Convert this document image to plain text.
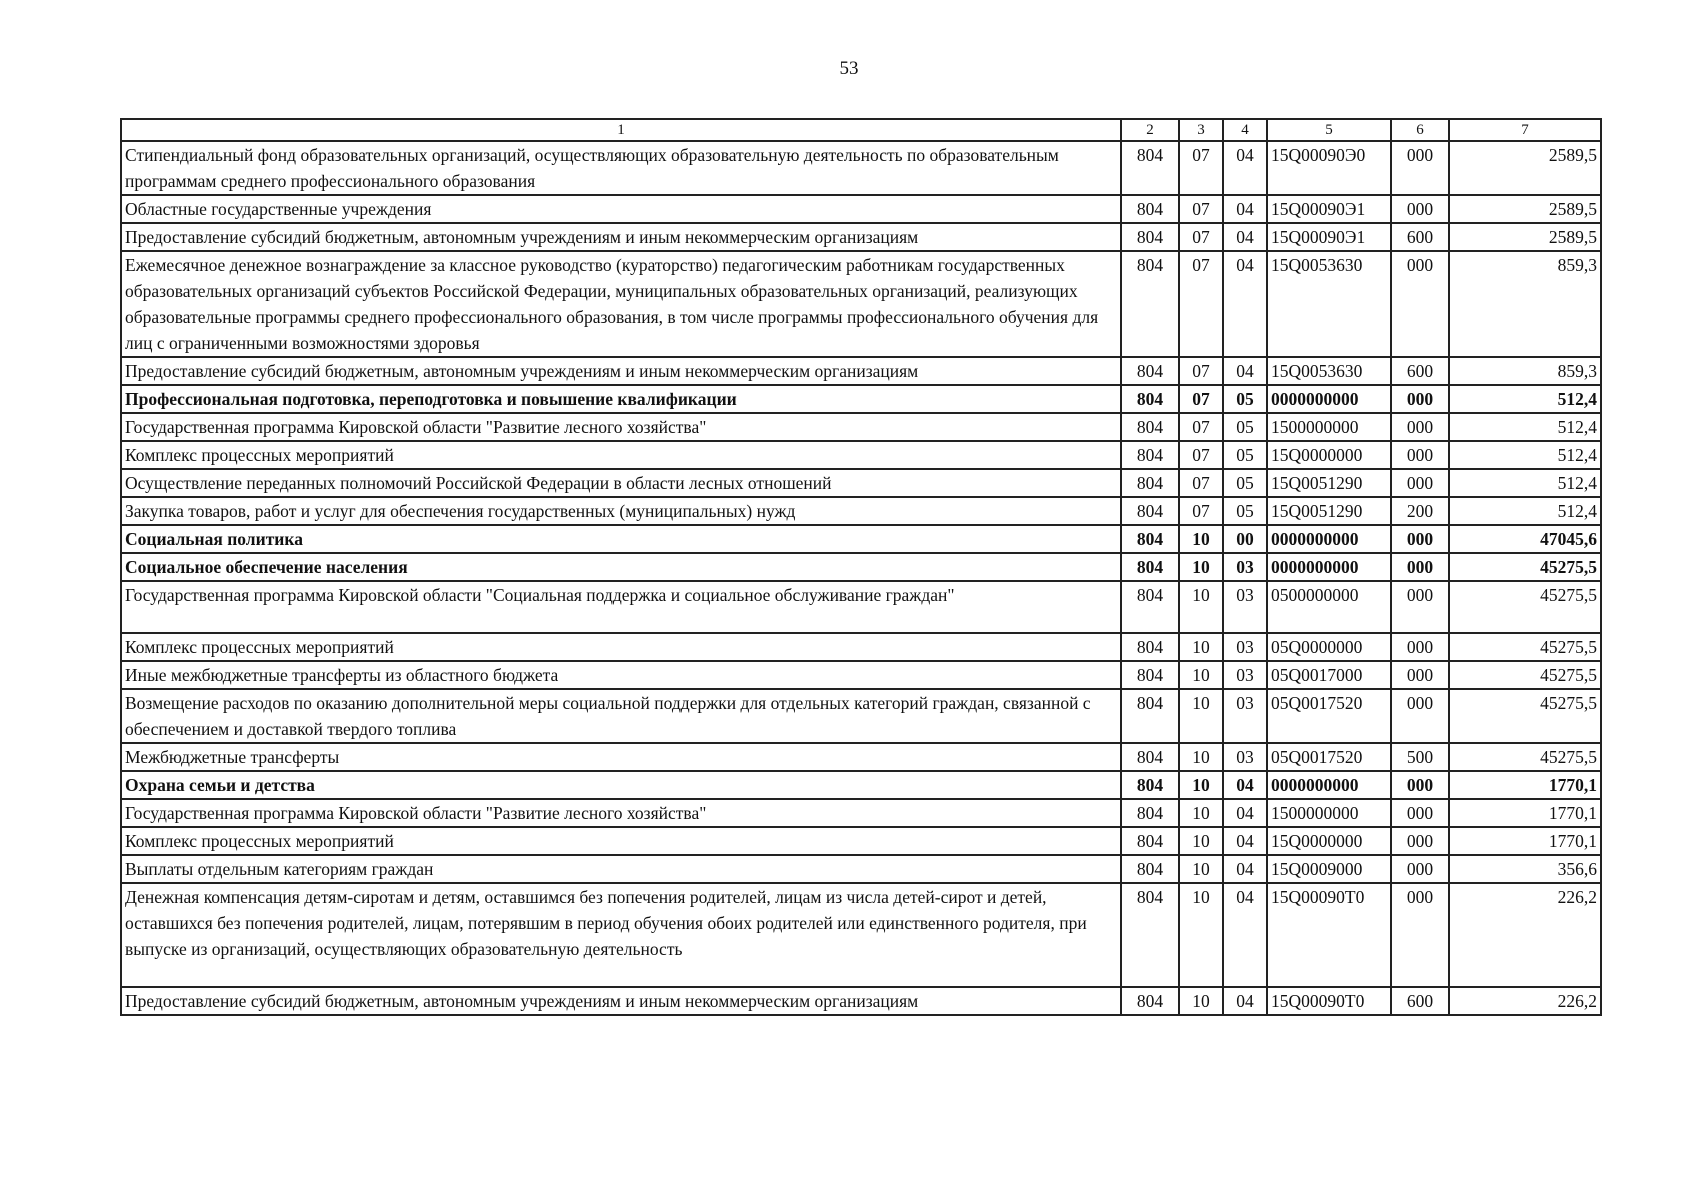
53
1	2	3	4	5	6	7
Стипендиальный фонд образовательных организаций, осуществляющих образовательную деятельность по образовательным программам среднего профессионального образования	804	07	04	15Q00090Э0	000	2589,5
Областные государственные учреждения	804	07	04	15Q00090Э1	000	2589,5
Предоставление субсидий бюджетным, автономным учреждениям и иным некоммерческим организациям	804	07	04	15Q00090Э1	600	2589,5
Ежемесячное денежное вознаграждение за классное руководство (кураторство) педагогическим работникам государственных образовательных организаций субъектов Российской Федерации, муниципальных образовательных организаций, реализующих образовательные программы среднего профессионального образования, в том числе программы профессионального обучения для лиц с ограниченными возможностями здоровья	804	07	04	15Q0053630	000	859,3
Предоставление субсидий бюджетным, автономным учреждениям и иным некоммерческим организациям	804	07	04	15Q0053630	600	859,3
Профессиональная подготовка, переподготовка и повышение квалификации	804	07	05	0000000000	000	512,4
Государственная программа Кировской области "Развитие лесного хозяйства"	804	07	05	1500000000	000	512,4
Комплекс процессных мероприятий	804	07	05	15Q0000000	000	512,4
Осуществление переданных полномочий Российской Федерации в области лесных отношений	804	07	05	15Q0051290	000	512,4
Закупка товаров, работ и услуг для обеспечения государственных (муниципальных) нужд	804	07	05	15Q0051290	200	512,4
Социальная политика	804	10	00	0000000000	000	47045,6
Социальное обеспечение населения	804	10	03	0000000000	000	45275,5
Государственная программа Кировской области "Социальная поддержка и социальное обслуживание граждан"	804	10	03	0500000000	000	45275,5
Комплекс процессных мероприятий	804	10	03	05Q0000000	000	45275,5
Иные межбюджетные трансферты из областного бюджета	804	10	03	05Q0017000	000	45275,5
Возмещение расходов по оказанию дополнительной меры социальной поддержки для отдельных категорий граждан, связанной с обеспечением и доставкой твердого топлива	804	10	03	05Q0017520	000	45275,5
Межбюджетные трансферты	804	10	03	05Q0017520	500	45275,5
Охрана семьи и детства	804	10	04	0000000000	000	1770,1
Государственная программа Кировской области "Развитие лесного хозяйства"	804	10	04	1500000000	000	1770,1
Комплекс процессных мероприятий	804	10	04	15Q0000000	000	1770,1
Выплаты отдельным категориям граждан	804	10	04	15Q0009000	000	356,6
Денежная компенсация детям-сиротам и детям, оставшимся без попечения родителей, лицам из числа детей-сирот и детей, оставшихся без попечения родителей, лицам, потерявшим в период обучения обоих родителей или единственного родителя, при выпуске из организаций, осуществляющих образовательную деятельность	804	10	04	15Q00090T0	000	226,2
Предоставление субсидий бюджетным, автономным учреждениям и иным некоммерческим организациям	804	10	04	15Q00090T0	600	226,2
